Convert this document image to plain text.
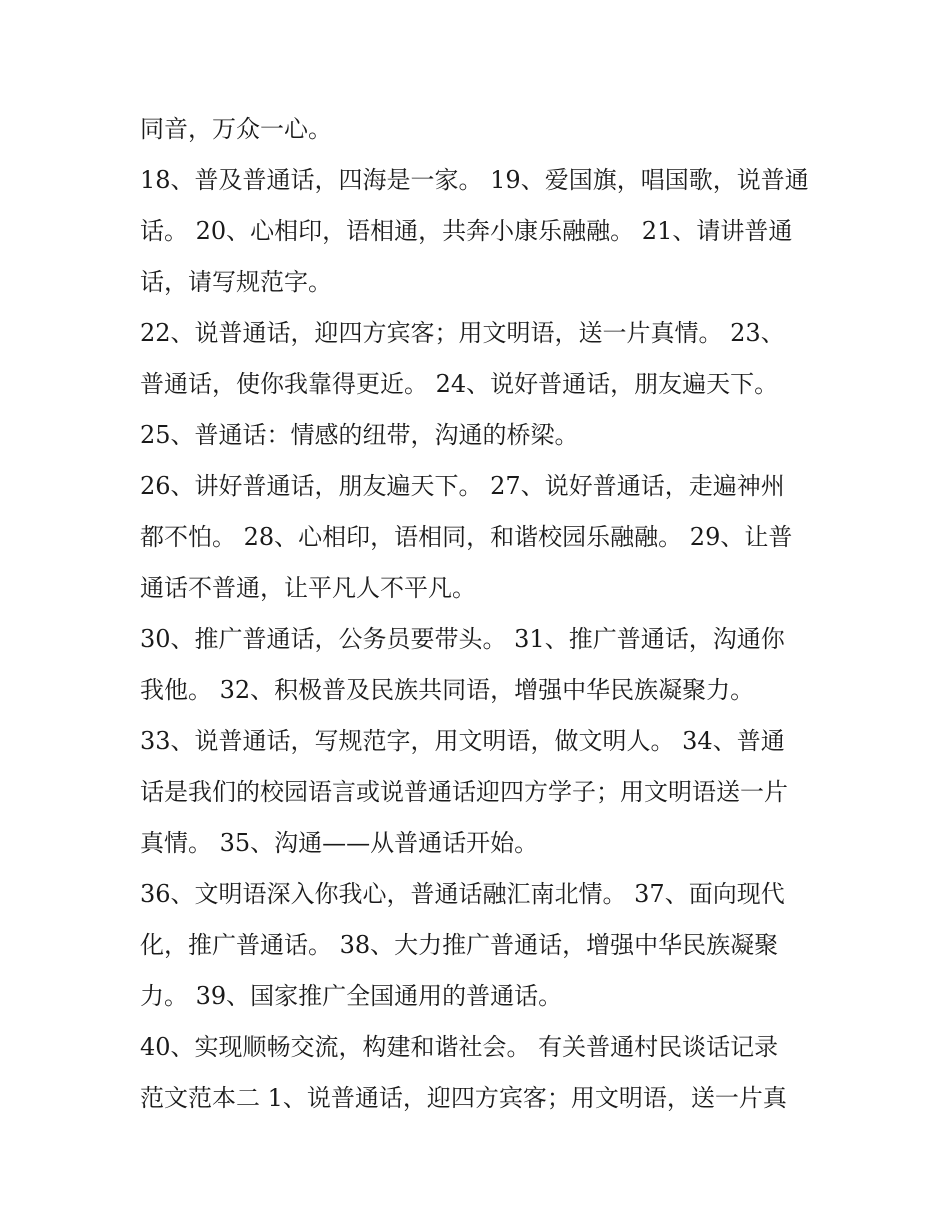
同音，万众一心。
18、普及普通话，四海是一家。 19、爱国旗，唱国歌，说普通
话。 20、心相印，语相通，共奔小康乐融融。 21、请讲普通
话，请写规范字。
22、说普通话，迎四方宾客；用文明语，送一片真情。 23、
普通话，使你我靠得更近。 24、说好普通话，朋友遍天下。
25、普通话：情感的纽带，沟通的桥梁。
26、讲好普通话，朋友遍天下。 27、说好普通话，走遍神州
都不怕。 28、心相印，语相同，和谐校园乐融融。 29、让普
通话不普通，让平凡人不平凡。
30、推广普通话，公务员要带头。 31、推广普通话，沟通你
我他。 32、积极普及民族共同语，增强中华民族凝聚力。
33、说普通话，写规范字，用文明语，做文明人。 34、普通
话是我们的校园语言或说普通话迎四方学子；用文明语送一片
真情。 35、沟通——从普通话开始。
36、文明语深入你我心，普通话融汇南北情。 37、面向现代
化，推广普通话。 38、大力推广普通话，增强中华民族凝聚
力。 39、国家推广全国通用的普通话。
40、实现顺畅交流，构建和谐社会。 有关普通村民谈话记录
范文范本二 1、说普通话，迎四方宾客；用文明语，送一片真
